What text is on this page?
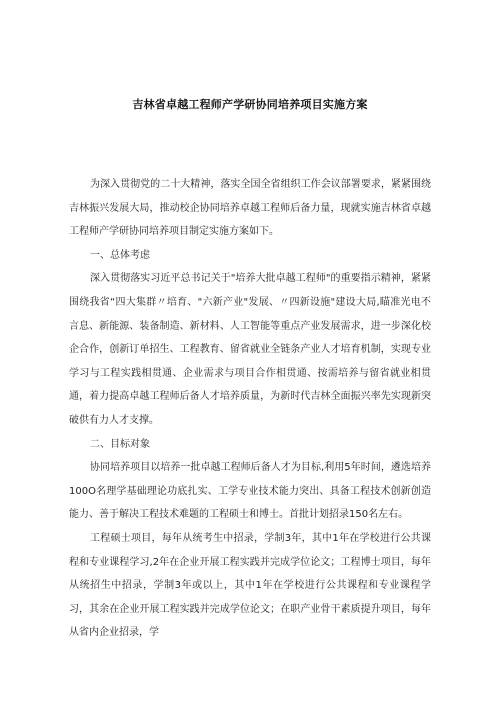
吉林省卓越工程师产学研协同培养项目实施方案

为深入贯彻党的二十大精神，落实全国全省组织工作会议部署要求，紧紧围绕吉林振兴发展大局，推动校企协同培养卓越工程师后备力量，现就实施吉林省卓越工程师产学研协同培养项目制定实施方案如下。

一、总体考虑

深入贯彻落实习近平总书记关于"培养大批卓越工程师"的重要指示精神，紧紧围绕我省“四大集群〃培育、"六新产业"发展、〃四新设施"建设大局,瞄准光电不言息、新能源、装备制造、新材料、人工智能等重点产业发展需求，进一步深化校企合作，创新订单招生、工程教育、留省就业全链条产业人才培育机制，实现专业学习与工程实践相贯通、企业需求与项目合作相贯通、按需培养与留省就业相贯通，着力提高卓越工程师后备人才培养质量，为新时代吉林全面振兴率先实现新突破供有力人才支撑。

二、目标对象

协同培养项目以培养一批卓越工程师后备人才为目标,利用5年时间，遴选培养100O名理学基础理论功底扎实、工学专业技术能力突出、具备工程技术创新创造能力、善于解决工程技术难题的工程硕士和博士。首批计划招录150名左右。

工程硕士项目，每年从统考生中招录，学制3年，其中1年在学校进行公共课程和专业课程学习,2年在企业开展工程实践并完成学位论文；工程博士项目，每年从统招生中招录，学制3年或以上，其中1年在学校进行公共课程和专业课程学习，其余在企业开展工程实践并完成学位论文；在职产业骨干素质提升项目，每年从省内企业招录，学
